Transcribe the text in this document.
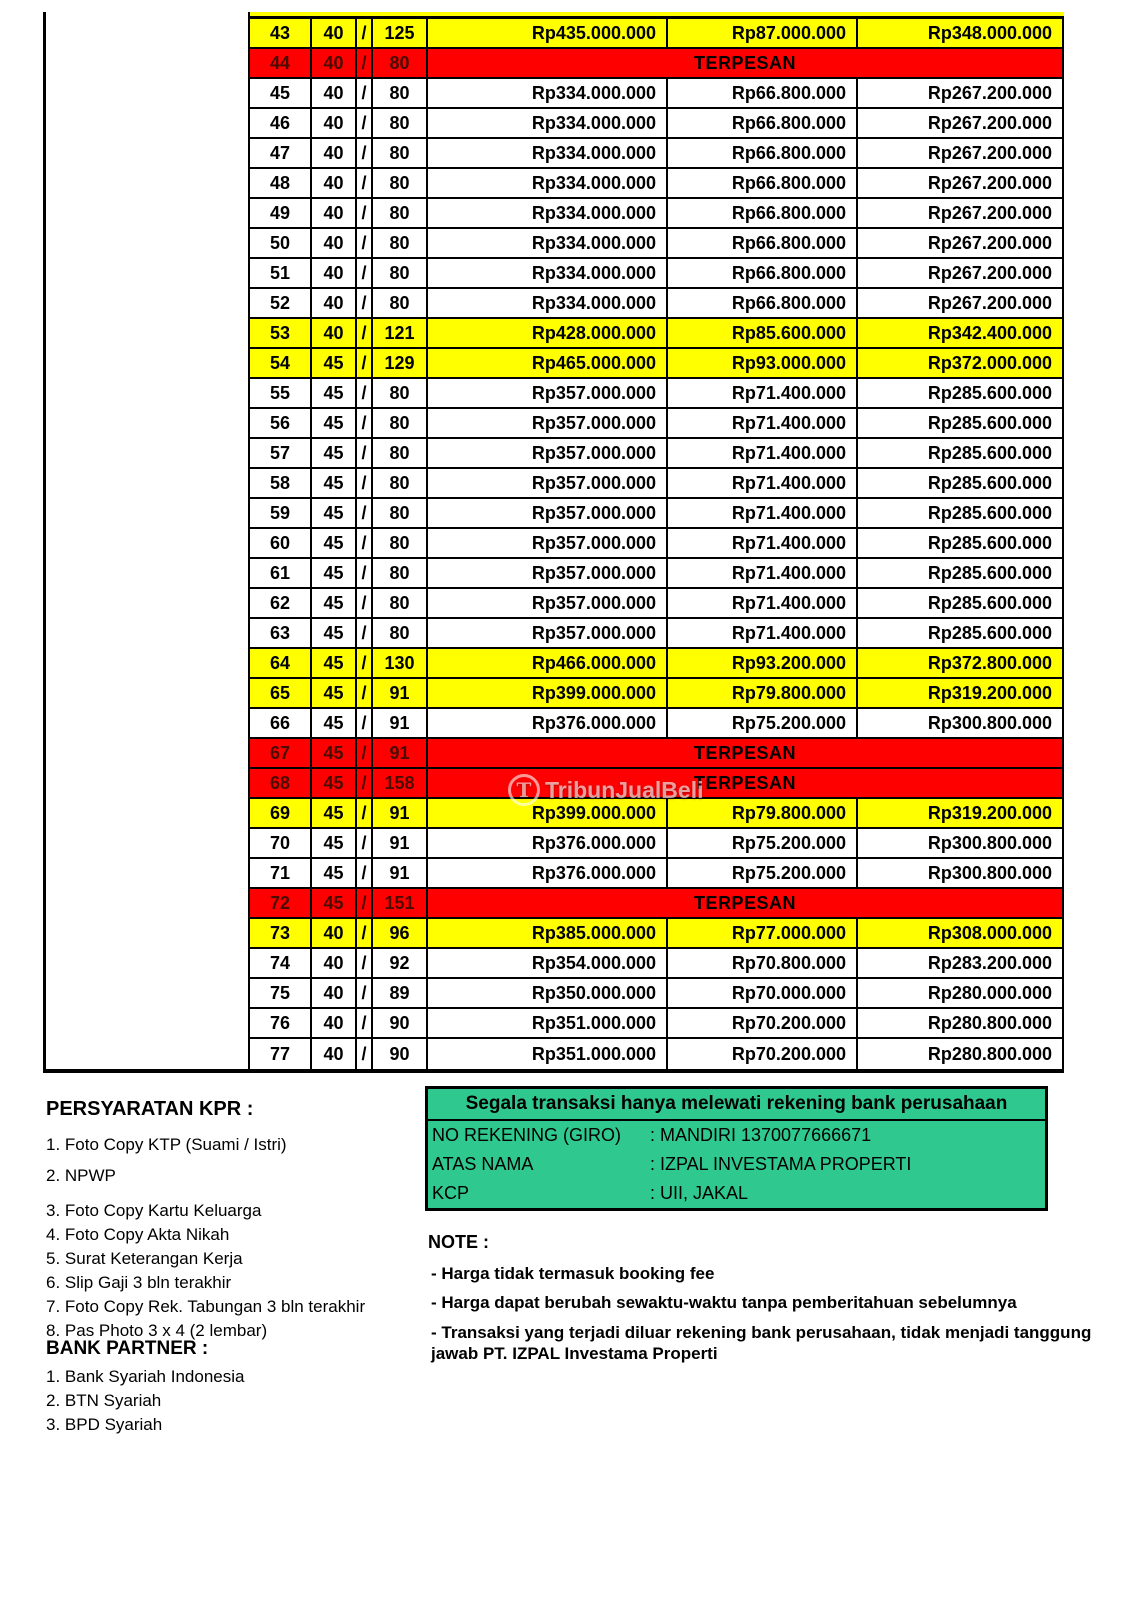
43	40 / 125	Rp435.000.000	Rp87.000.000	Rp348.000.000
44	40 /	80	TERPESAN
45	40 /	80	Rp334.000.000	Rp66.800.000	Rp267.200.000
46	40 /	80	Rp334.000.000	Rp66.800.000	Rp267.200.000
47	40 /	80	Rp334.000.000	Rp66.800.000	Rp267.200.000
48	40 /	80	Rp334.000.000	Rp66.800.000	Rp267.200.000
49	40 /	80	Rp334.000.000	Rp66.800.000	Rp267.200.000
50	40 /	80	Rp334.000.000	Rp66.800.000	Rp267.200.000
51	40 /	80	Rp334.000.000	Rp66.800.000	Rp267.200.000
52	40 /	80	Rp334.000.000	Rp66.800.000	Rp267.200.000
53	40 / 121	Rp428.000.000	Rp85.600.000	Rp342.400.000
54	45 / 129	Rp465.000.000	Rp93.000.000	Rp372.000.000
55	45 /	80	Rp357.000.000	Rp71.400.000	Rp285.600.000
56	45 /	80	Rp357.000.000	Rp71.400.000	Rp285.600.000
57	45 /	80	Rp357.000.000	Rp71.400.000	Rp285.600.000
58	45 /	80	Rp357.000.000	Rp71.400.000	Rp285.600.000
59	45 /	80	Rp357.000.000	Rp71.400.000	Rp285.600.000
60	45 /	80	Rp357.000.000	Rp71.400.000	Rp285.600.000
61	45 /	80	Rp357.000.000	Rp71.400.000	Rp285.600.000
62	45 /	80	Rp357.000.000	Rp71.400.000	Rp285.600.000
63	45 /	80	Rp357.000.000	Rp71.400.000	Rp285.600.000
64	45 / 130	Rp466.000.000	Rp93.200.000	Rp372.800.000
65	45 /	91	Rp399.000.000	Rp79.800.000	Rp319.200.000
66	45 /	91	Rp376.000.000	Rp75.200.000	Rp300.800.000
67	45 /	91	TERPESAN
68	45 / 158	TERPESAN
69	45 /	91	Rp399.000.000	Rp79.800.000	Rp319.200.000
70	45 /	91	Rp376.000.000	Rp75.200.000	Rp300.800.000
71	45 /	91	Rp376.000.000	Rp75.200.000	Rp300.800.000
72	45 / 151	TERPESAN
73	40 /	96	Rp385.000.000	Rp77.000.000	Rp308.000.000
74	40 /	92	Rp354.000.000	Rp70.800.000	Rp283.200.000
75	40 /	89	Rp350.000.000	Rp70.000.000	Rp280.000.000
76	40 /	90	Rp351.000.000	Rp70.200.000	Rp280.800.000
77	40 /	90	Rp351.000.000	Rp70.200.000	Rp280.800.000
T TribunJualBeli
PERSYARATAN KPR :
1. Foto Copy KTP (Suami / Istri)
2. NPWP
3. Foto Copy Kartu Keluarga
4. Foto Copy Akta Nikah
5. Surat Keterangan Kerja
6. Slip Gaji 3 bln terakhir
7. Foto Copy Rek. Tabungan 3 bln terakhir
8. Pas Photo 3 x 4 (2 lembar)
BANK PARTNER :
1. Bank Syariah Indonesia
2. BTN Syariah
3. BPD Syariah
Segala transaksi hanya melewati rekening bank perusahaan
NO REKENING (GIRO)	: MANDIRI 1370077666671
ATAS NAMA	: IZPAL INVESTAMA PROPERTI
KCP	: UII, JAKAL
NOTE :
- Harga tidak termasuk booking fee
- Harga dapat berubah sewaktu-waktu tanpa pemberitahuan sebelumnya
- Transaksi yang terjadi diluar rekening bank perusahaan, tidak menjadi tanggung jawab PT. IZPAL Investama Properti
